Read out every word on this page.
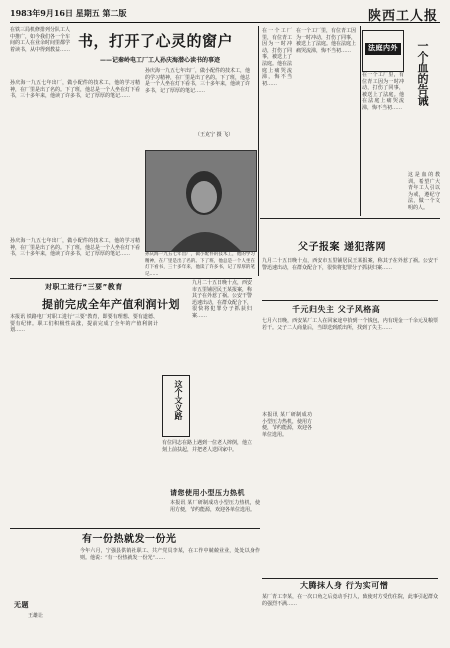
1983年9月16日 星期五 第二版	陕西工人报
在铁三局机修排列分队工人中推广，如今我们各一个车间的工人在业余时间里都学着读书，从中得到教益…… 书，打开了心灵的窗户
——记秦岭电工厂工人孙庆海潜心读书的事迹
孙庆海一九五七年出厂，做小配件的技术工，他的学习精神，在厂里是出了名的。下了班，他总是一个人坐在灯下看书，三十多年来，他读了许多书，记了厚厚的笔记……
孙庆海一九五七年出厂，做小配件的技术工，他的学习精神，在厂里是出了名的。下了班，他总是一个人坐在灯下看书，三十多年来，他读了许多书，记了厚厚的笔记……
（王克宁 摄 飞）
孙庆海一九五七年出厂，做小配件的技术工，他的学习精神，在厂里是出了名的。下了班，他总是一个人坐在灯下看书，三十多年来，他读了许多书，记了厚厚的笔记……
孙庆海一九五七年出厂，做小配件的技术工，他的学习精神，在厂里是出了名的。下了班，他总是一个人坐在灯下看书，三十多年来，他读了许多书，记了厚厚的笔记……
在一个工厂里，有位青工因为一时冲动，打伤了同事，被送上了法庭。他在法庭上痛哭流涕，悔不当初……
在一个工厂里，有位青工因为一时冲动，打伤了同事，被送上了法庭。他在法庭上痛哭流涕，悔不当初……	法庭内外
在一个工厂里，有位青工因为一时冲动，打伤了同事，被送上了法庭。他在法庭上痛哭流涕，悔不当初……
一个血的告诫
这是血的教训。希望广大青年工人引以为戒，遵纪守法，做一个文明的人。
父子报案 递犯落网
九月二十五日晚十点，西安市五里铺居民王某报案，称其子在外惹了祸。公安干警迅速出动，在群众配合下，很快将犯罪分子抓获归案……
千元归失主 父子风格高
七月六日晚，西安某厂工人在回家途中拾到一个钱包，内有现金一千余元及粮票若干。父子二人商量后，当即送到派出所，找到了失主……
九月二十五日晚十点，西安市五里铺居民王某报案，称其子在外惹了祸。公安干警迅速出动，在群众配合下，很快将犯罪分子抓获归案……
这个文义路
有位同志在路上遇到一位老人摔倒，他立刻上前扶起，并把老人送回家中。
请您使用小型压力热机
本报讯 某厂研制成功小型压力热机，使用方便，节约能源，欢迎各单位选用。
本报讯 某厂研制成功小型压力热机，使用方便，节约能源，欢迎各单位选用。
对职工进行“三要”教育
提前完成全年产值利润计划
本报讯 铁路电厂对职工进行“三要”教育，即要有理想、要有道德、要有纪律。职工们积极性高涨，提前完成了全年的产值利润计划……
有一份热就发一份光
今年六月，宁强县供销社职工、共产党员李某，在工作中兢兢业业，处处以身作则。他说：“有一份热就发一份光”……
无题
王雄让
大腾抹人身 行为实可憎
某厂青工李某，在一次口角之后竟动手打人，致使对方受伤住院，此事引起群众的强烈不满……
